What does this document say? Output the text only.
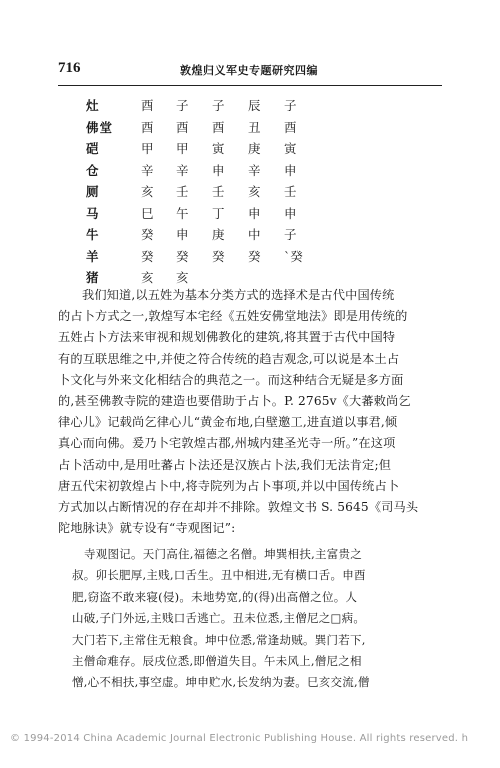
716	敦煌归义军史专题研究四编
灶	酉 子 子 辰 子
佛堂 酉 酉 酉 丑 酉
硙	甲 甲 寅 庚 寅
仓	辛 辛 申 辛 申
厕	亥 壬 壬 亥 壬
马	巳 午 丁 申 申
牛	癸 申 庚 中 子
羊	癸 癸 癸 癸 `癸
猪	亥 亥

我们知道,以五姓为基本分类方式的选择术是古代中国传统

的占卜方式之一,敦煌写本宅经《五姓安佛堂地法》即是用传统的

五姓占卜方法来审视和规划佛教化的建筑,将其置于古代中国特

有的互联思维之中,并使之符合传统的趋吉观念,可以说是本土占

卜文化与外来文化相结合的典范之一。而这种结合无疑是多方面

的,甚至佛教寺院的建造也要借助于占卜。P. 2765v《大蕃敕尚乞

律心儿》记载尚乞律心儿“黄金布地,白壁邀工,进直道以事君,倾

真心而向佛。爰乃卜宅敦煌古郡,州城内建圣光寺一所。”在这项

占卜活动中,是用吐蕃占卜法还是汉族占卜法,我们无法肯定;但

唐五代宋初敦煌占卜中,将寺院列为占卜事项,并以中国传统占卜

方式加以占断情况的存在却并不排除。敦煌文书 S. 5645《司马头

陀地脉诀》就专设有“寺观图记”:

寺观图记。天门高住,福德之名僧。坤巽相扶,主富贵之

叔。卯长肥厚,主贱,口舌生。丑中相进,无有横口舌。申酉

肥,窃盗不敢来寝(侵)。未地势宽,的(得)出高僧之位。人

山破,子门外远,主贱口舌逃亡。丑未位悉,主僧尼之□病。

大门若下,主常住无粮食。坤中位悉,常逢劫贼。巽门若下,

主僧命难存。辰戌位悉,即僧道失目。午未风上,僧尼之相

憎,心不相扶,事空虚。坤申贮水,长发纳为妻。巳亥交流,僧

© 1994-2014 China Academic Journal Electronic Publishing House. All rights reserved. h
